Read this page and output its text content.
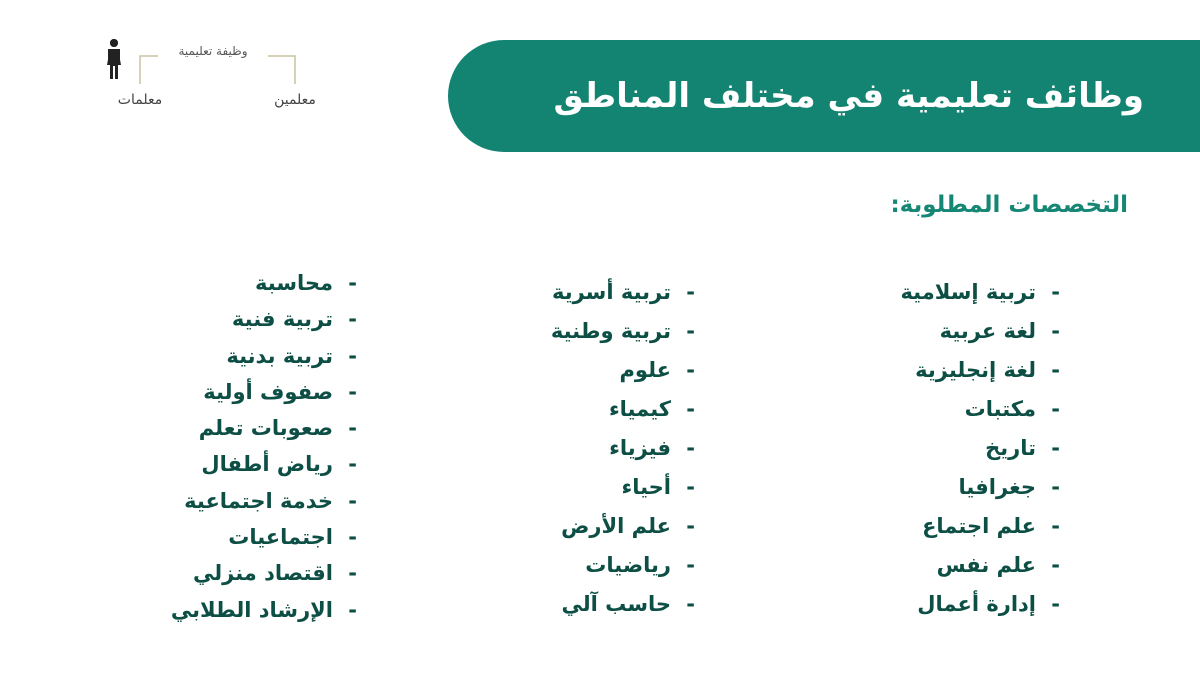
وظائف تعليمية في مختلف المناطق
وظيفة تعليمية
معلمات	معلمين
التخصصات المطلوبة:
-تربية إسلامية
-لغة عربية
-لغة إنجليزية
-مكتبات
-تاريخ
-جغرافيا
-علم اجتماع
-علم نفس
-إدارة أعمال
-تربية أسرية
-تربية وطنية
-علوم
-كيمياء
-فيزياء
-أحياء
-علم الأرض
-رياضيات
-حاسب آلي
-محاسبة
-تربية فنية
-تربية بدنية
-صفوف أولية
-صعوبات تعلم
-رياض أطفال
-خدمة اجتماعية
-اجتماعيات
-اقتصاد منزلي
-الإرشاد الطلابي
